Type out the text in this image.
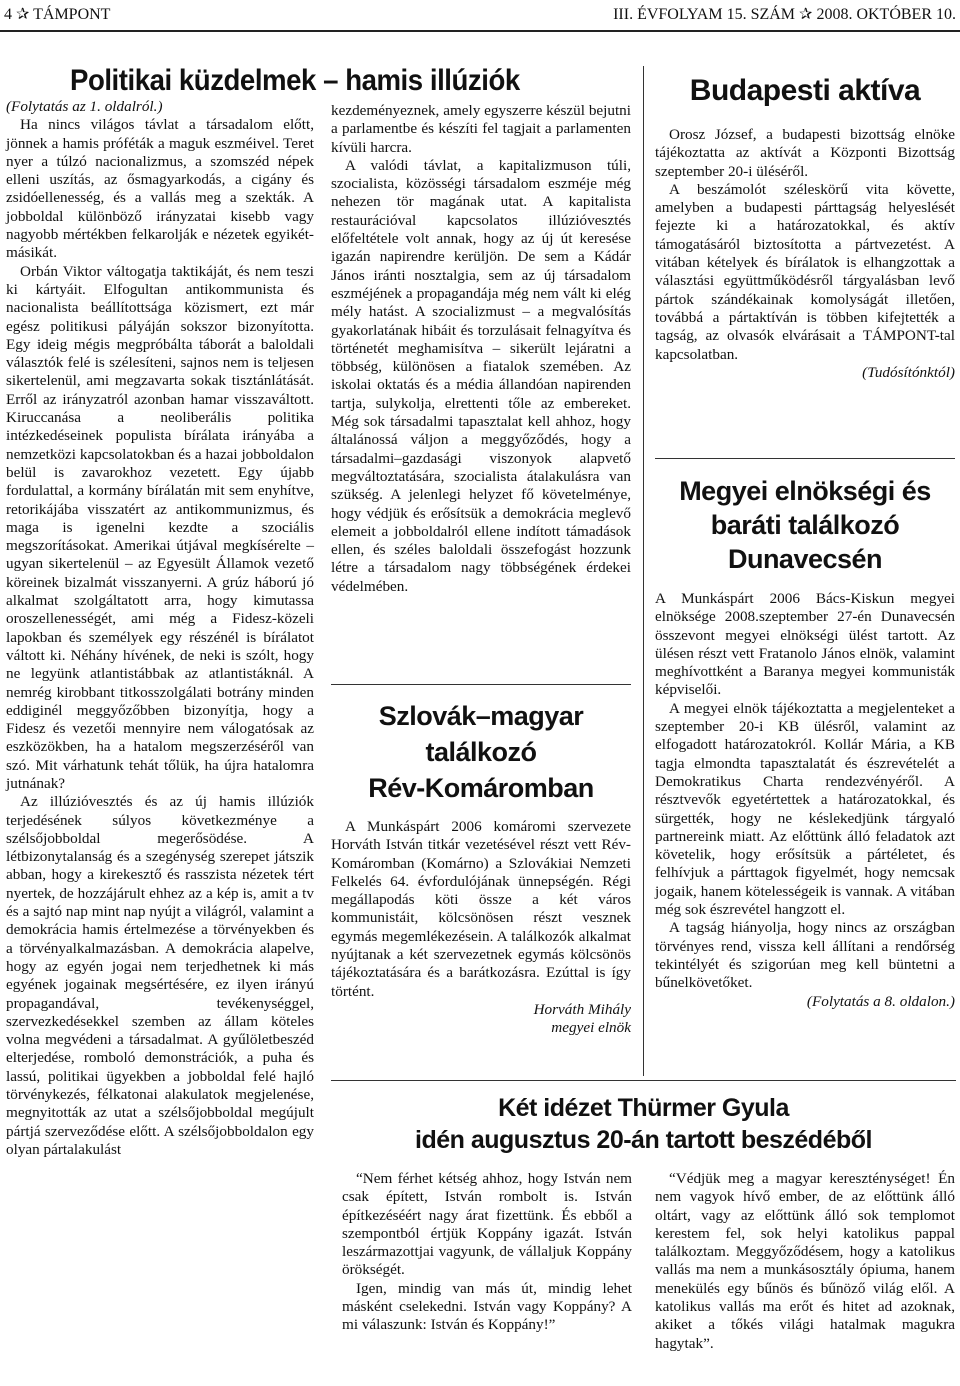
4 ✰ TÁMPONT	III. ÉVFOLYAM 15. SZÁM ✰ 2008. OKTÓBER 10.
Politikai küzdelmek – hamis illúziók

(Folytatás az 1. oldalról.)

Ha nincs világos távlat a társadalom előtt, jönnek a hamis próféták a maguk eszméivel. Teret nyer a túlzó nacionalizmus, a szomszéd népek elleni uszítás, az ősmagyarkodás, a cigány és zsidóellenesség, és a vallás meg a szekták. A jobboldal különböző irányzatai kisebb vagy nagyobb mértékben felkarolják e nézetek egyikét-másikát.

Orbán Viktor váltogatja taktikáját, és nem teszi ki kártyáit. Elfogultan antikommunista és nacionalista beállítottsága közismert, ezt már egész politikusi pályáján sokszor bizonyította. Egy ideig mégis megpróbálta táborát a baloldali választók felé is szélesíteni, sajnos nem is teljesen sikertelenül, ami megzavarta sokak tisztánlátását. Erről az irányzatról azonban hamar visszaváltott. Kiruccanása a neoliberális politika intézkedéseinek populista bírálata irányába a nemzetközi kapcsolatokban és a hazai jobboldalon belül is zavarokhoz vezetett. Egy újabb fordulattal, a kormány bírálatán mit sem enyhítve, retorikájába visszatért az antikommunizmus, és maga is igenelni kezdte a szociális megszorításokat. Amerikai útjával megkísérelte – ugyan sikertelenül – az Egyesült Államok vezető köreinek bizalmát visszanyerni. A grúz háború jó alkalmat szolgáltatott arra, hogy kimutassa oroszellenességét, ami még a Fidesz-közeli lapokban és személyek egy részénél is bírálatot váltott ki. Néhány hívének, de neki is szólt, hogy ne legyünk atlantistábbak az atlantistáknál. A nemrég kirobbant titkosszolgálati botrány minden eddiginél meggyőzőbben bizonyítja, hogy a Fidesz és vezetői mennyire nem válogatósak az eszközökben, ha a hatalom megszerzéséről van szó. Mit várhatunk tehát tőlük, ha újra hatalomra jutnának?

Az illúzióvesztés és az új hamis illúziók terjedésének súlyos következménye a szélsőjobboldal megerősödése. A létbizonytalanság és a szegénység szerepet játszik abban, hogy a kirekesztő és rasszista nézetek tért nyertek, de hozzájárult ehhez az a kép is, amit a tv és a sajtó nap mint nap nyújt a világról, valamint a demokrácia hamis értelmezése a törvényekben és a törvényalkalmazásban. A demokrácia alapelve, hogy az egyén jogai nem terjedhetnek ki más egyének jogainak megsértésére, ez ilyen irányú propagandával, tevékenységgel, szervezkedésekkel szemben az állam köteles volna megvédeni a társadalmat. A gyűlöletbeszéd elterjedése, romboló demonstrációk, a puha és lassú, politikai ügyekben a jobboldal felé hajló törvénykezés, félkatonai alakulatok megjelenése, megnyitották az utat a szélsőjobboldal megújult pártjá szerveződése előtt. A szélsőjobboldalon egy olyan pártalakulást

kezdeményeznek, amely egyszerre készül bejutni a parlamentbe és készíti fel tagjait a parlamenten kívüli harcra.

A valódi távlat, a kapitalizmuson túli, szocialista, közösségi társadalom eszméje még nehezen tör magának utat. A kapitalista restaurációval kapcsolatos illúzióvesztés előfeltétele volt annak, hogy az új út keresése igazán napirendre kerüljön. De sem a Kádár János iránti nosztalgia, sem az új társadalom eszméjének a propagandája még nem vált ki elég mély hatást. A szocializmust – a megvalósítás gyakorlatának hibáit és torzulásait felnagyítva és történetét meghamisítva – sikerült lejáratni a többség, különösen a fiatalok szemében. Az iskolai oktatás és a média állandóan napirenden tartja, sulykolja, elrettenti tőle az embereket. Még sok társadalmi tapasztalat kell ahhoz, hogy általánossá váljon a meggyőződés, hogy a társadalmi–gazdasági viszonyok alapvető megváltoztatására, szocialista átalakulásra van szükség. A jelenlegi helyzet fő követelménye, hogy védjük és erősítsük a demokrácia meglevő elemeit a jobboldalról ellene indított támadások ellen, és széles baloldali összefogást hozzunk létre a társadalom nagy többségének érdekei védelmében.

Szlovák–magyar
találkozó
Rév-Komáromban

A Munkáspárt 2006 komáromi szervezete Horváth István titkár vezetésével részt vett Rév-Komáromban (Komárno) a Szlovákiai Nemzeti Felkelés 64. évfordulójának ünnepségén. Régi megállapodás köti össze a két város kommunistáit, kölcsönösen részt vesznek egymás megemlékezésein. A találkozók alkalmat nyújtanak a két szervezetnek egymás kölcsönös tájékoztatására és a barátkozásra. Ezúttal is így történt.

Horváth Mihály
megyei elnök
Budapesti aktíva

Orosz József, a budapesti bizottság elnöke tájékoztatta az aktívát a Központi Bizottság szeptember 20-i üléséről.

A beszámolót széleskörű vita követte, amelyben a budapesti párttagság helyeslését fejezte ki a határozatokkal, és aktív támogatásáról biztosította a pártvezetést. A vitában kételyek és bírálatok is elhangzottak a választási együttműködésről tárgyalásban levő pártok szándékainak komolyságát illetően, továbbá a pártaktíván is többen kifejtették a tagság, az olvasók elvárásait a TÁMPONT-tal kapcsolatban.

(Tudósítónktól)
Megyei elnökségi és
baráti találkozó
Dunavecsén

A Munkáspárt 2006 Bács-Kiskun megyei elnöksége 2008.szeptember 27-én Dunavecsén összevont megyei elnökségi ülést tartott. Az ülésen részt vett Fratanolo János elnök, valamint meghívottként a Baranya megyei kommunisták képviselői.

A megyei elnök tájékoztatta a megjelenteket a szeptember 20-i KB ülésről, valamint az elfogadott határozatokról. Kollár Mária, a KB tagja elmondta tapasztalatát és észrevételét a Demokratikus Charta rendezvényéről. A résztvevők egyetértettek a határozatokkal, és sürgették, hogy ne késlekedjünk tárgyaló partnereink miatt. Az előttünk álló feladatok azt követelik, hogy erősítsük a pártéletet, és felhívjuk a párttagok figyelmét, hogy nemcsak jogaik, hanem kötelességeik is vannak. A vitában még sok észrevétel hangzott el.

A tagság hiányolja, hogy nincs az országban törvényes rend, vissza kell állítani a rendőrség tekintélyét és szigorúan meg kell büntetni a bűnelkövetőket.

(Folytatás a 8. oldalon.)
Két idézet Thürmer Gyula
idén augusztus 20-án tartott beszédéből

“Nem férhet kétség ahhoz, hogy István nem csak épített, István rombolt is. István építkezéséért nagy árat fizettünk. És ebből a szempontból értjük Koppány igazát. István leszármazottjai vagyunk, de vállaljuk Koppány örökségét.

Igen, mindig van más út, mindig lehet másként cselekedni. István vagy Koppány? A mi válaszunk: István és Koppány!”

“Védjük meg a magyar kereszténységet! Én nem vagyok hívő ember, de az előttünk álló oltárt, vagy az előttünk álló sok templomot kerestem fel, sok helyi katolikus pappal találkoztam. Meggyőződésem, hogy a katolikus vallás ma nem a munkásosztály ópiuma, hanem menekülés egy bűnös és bűnöző világ elől. A katolikus vallás ma erőt és hitet ad azoknak, akiket a tőkés világi hatalmak magukra hagytak”.
